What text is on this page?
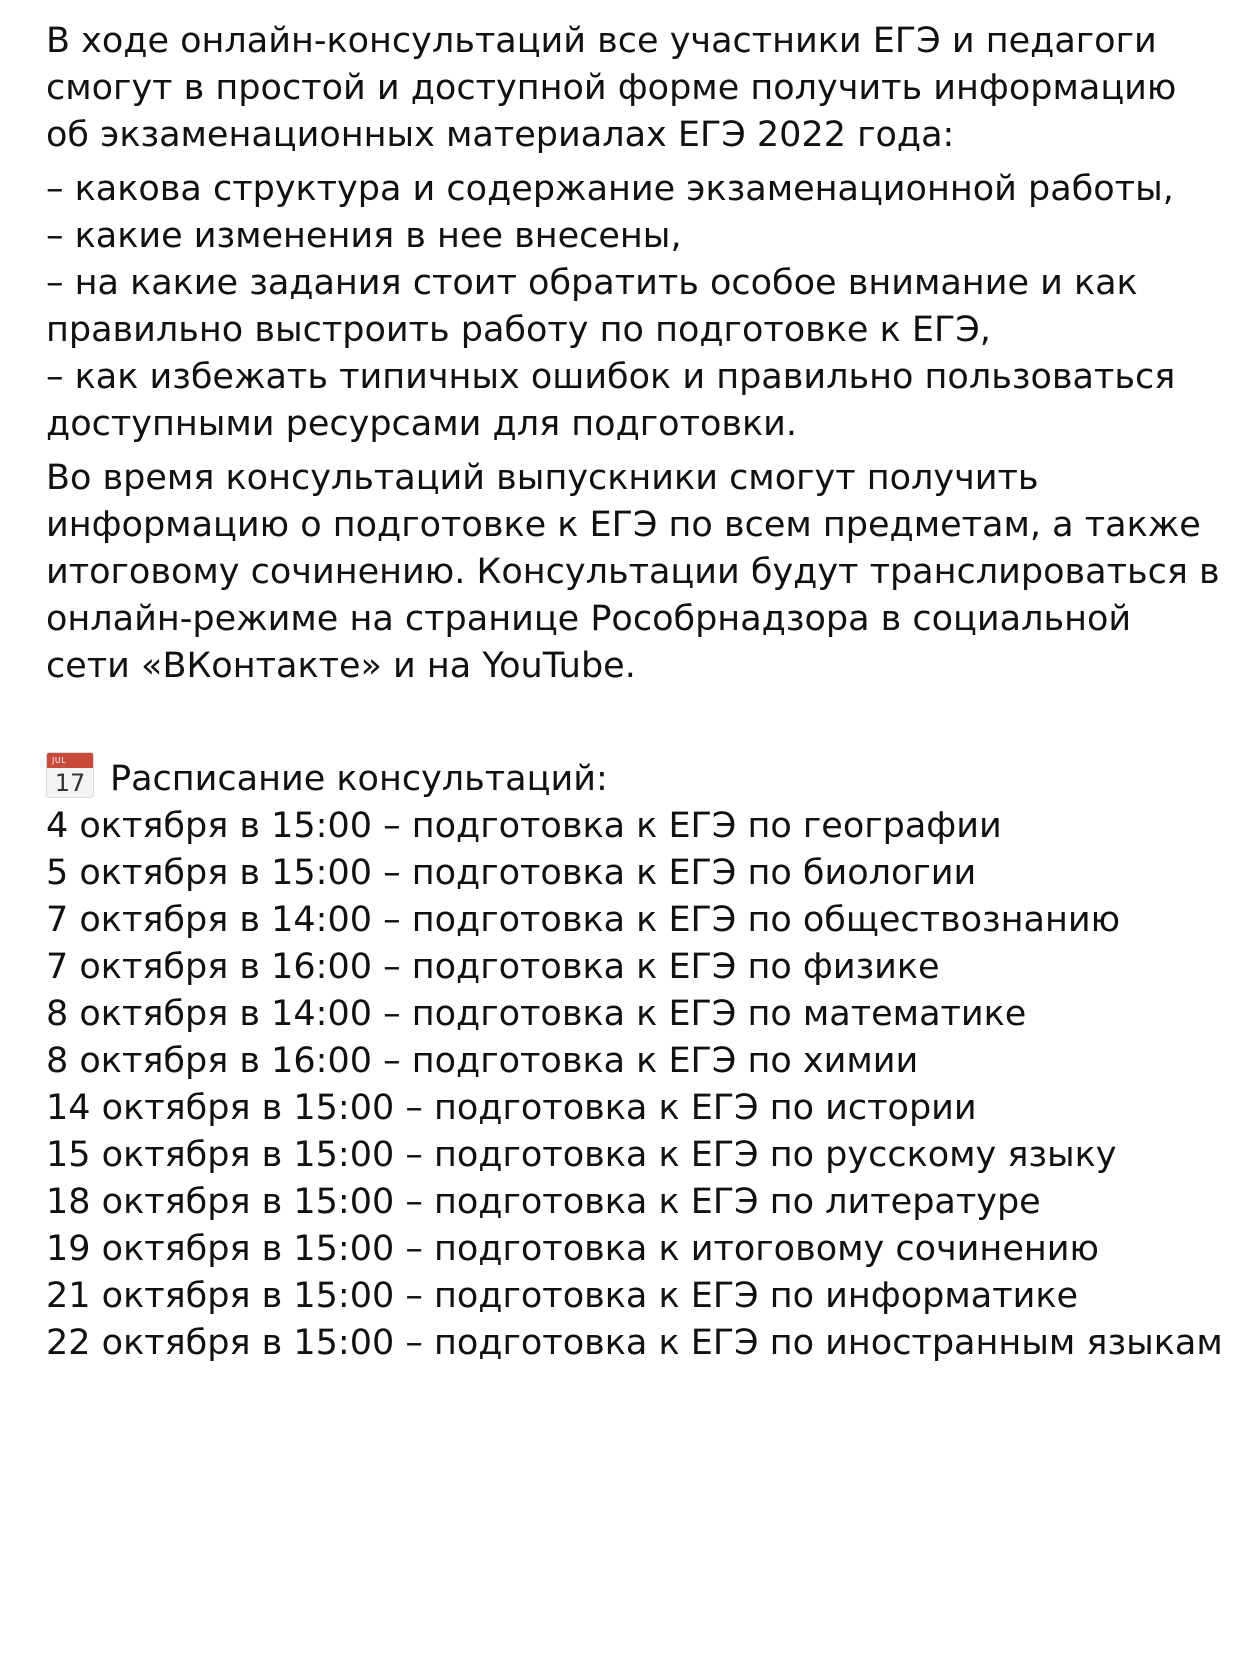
В ходе онлайн-консультаций все участники ЕГЭ и педагоги смогут в простой и доступной форме получить информацию об экзаменационных материалах ЕГЭ 2022 года:

– какова структура и содержание экзаменационной работы,

– какие изменения в нее внесены,

– на какие задания стоит обратить особое внимание и как правильно выстроить работу по подготовке к ЕГЭ,

– как избежать типичных ошибок и правильно пользоваться доступными ресурсами для подготовки.

Во время консультаций выпускники смогут получить информацию о подготовке к ЕГЭ по всем предметам, а также итоговому сочинению. Консультации будут транслироваться в онлайн-режиме на странице Рособрнадзора в социальной сети «ВКонтакте» и на YouTube.

JUL
17 Расписание консультаций:

4 октября в 15:00 – подготовка к ЕГЭ по географии

5 октября в 15:00 – подготовка к ЕГЭ по биологии

7 октября в 14:00 – подготовка к ЕГЭ по обществознанию

7 октября в 16:00 – подготовка к ЕГЭ по физике

8 октября в 14:00 – подготовка к ЕГЭ по математике

8 октября в 16:00 – подготовка к ЕГЭ по химии

14 октября в 15:00 – подготовка к ЕГЭ по истории

15 октября в 15:00 – подготовка к ЕГЭ по русскому языку

18 октября в 15:00 – подготовка к ЕГЭ по литературе

19 октября в 15:00 – подготовка к итоговому сочинению

21 октября в 15:00 – подготовка к ЕГЭ по информатике

22 октября в 15:00 – подготовка к ЕГЭ по иностранным языкам
